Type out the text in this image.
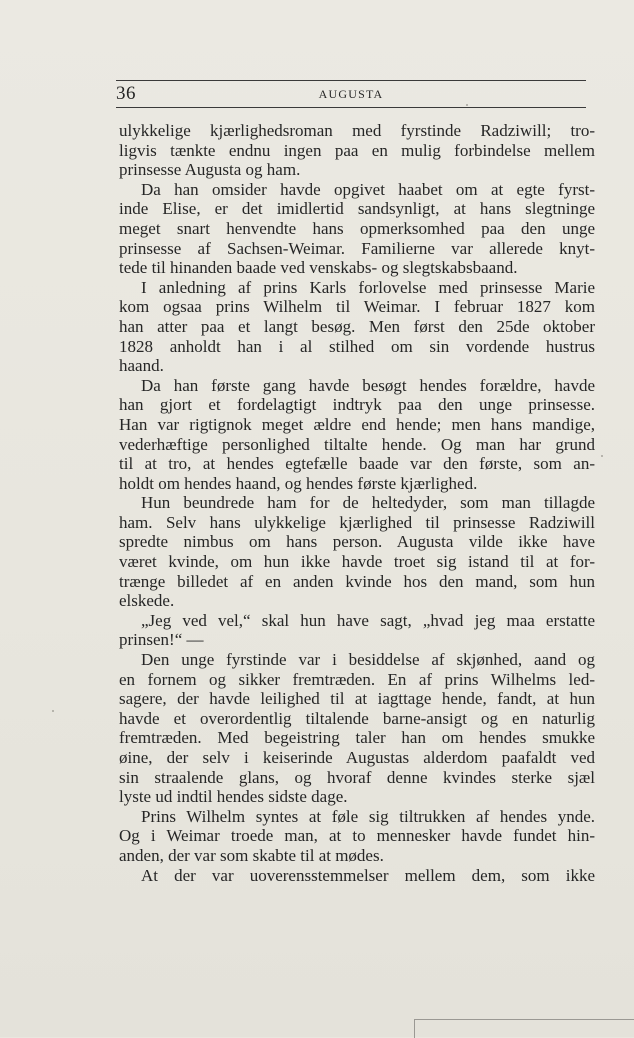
36	AUGUSTA
ulykkelige kjærlighedsroman med fyrstinde Radziwill; tro-
ligvis tænkte endnu ingen paa en mulig forbindelse mellem
prinsesse Augusta og ham.
Da han omsider havde opgivet haabet om at egte fyrst-
inde Elise, er det imidlertid sandsynligt, at hans slegtninge
meget snart henvendte hans opmerksomhed paa den unge
prinsesse af Sachsen-Weimar. Familierne var allerede knyt-
tede til hinanden baade ved venskabs- og slegtskabsbaand.
I anledning af prins Karls forlovelse med prinsesse Marie
kom ogsaa prins Wilhelm til Weimar. I februar 1827 kom
han atter paa et langt besøg. Men først den 25de oktober
1828 anholdt han i al stilhed om sin vordende hustrus
haand.
Da han første gang havde besøgt hendes forældre, havde
han gjort et fordelagtigt indtryk paa den unge prinsesse.
Han var rigtignok meget ældre end hende; men hans mandige,
vederhæftige personlighed tiltalte hende. Og man har grund
til at tro, at hendes egtefælle baade var den første, som an-
holdt om hendes haand, og hendes første kjærlighed.
Hun beundrede ham for de heltedyder, som man tillagde
ham. Selv hans ulykkelige kjærlighed til prinsesse Radziwill
spredte nimbus om hans person. Augusta vilde ikke have
været kvinde, om hun ikke havde troet sig istand til at for-
trænge billedet af en anden kvinde hos den mand, som hun
elskede.
„Jeg ved vel,“ skal hun have sagt, „hvad jeg maa erstatte
prinsen!“ —
Den unge fyrstinde var i besiddelse af skjønhed, aand og
en fornem og sikker fremtræden. En af prins Wilhelms led-
sagere, der havde leilighed til at iagttage hende, fandt, at hun
havde et overordentlig tiltalende barne-ansigt og en naturlig
fremtræden. Med begeistring taler han om hendes smukke
øine, der selv i keiserinde Augustas alderdom paafaldt ved
sin straalende glans, og hvoraf denne kvindes sterke sjæl
lyste ud indtil hendes sidste dage.
Prins Wilhelm syntes at føle sig tiltrukken af hendes ynde.
Og i Weimar troede man, at to mennesker havde fundet hin-
anden, der var som skabte til at mødes.
At der var uoverensstemmelser mellem dem, som ikke
